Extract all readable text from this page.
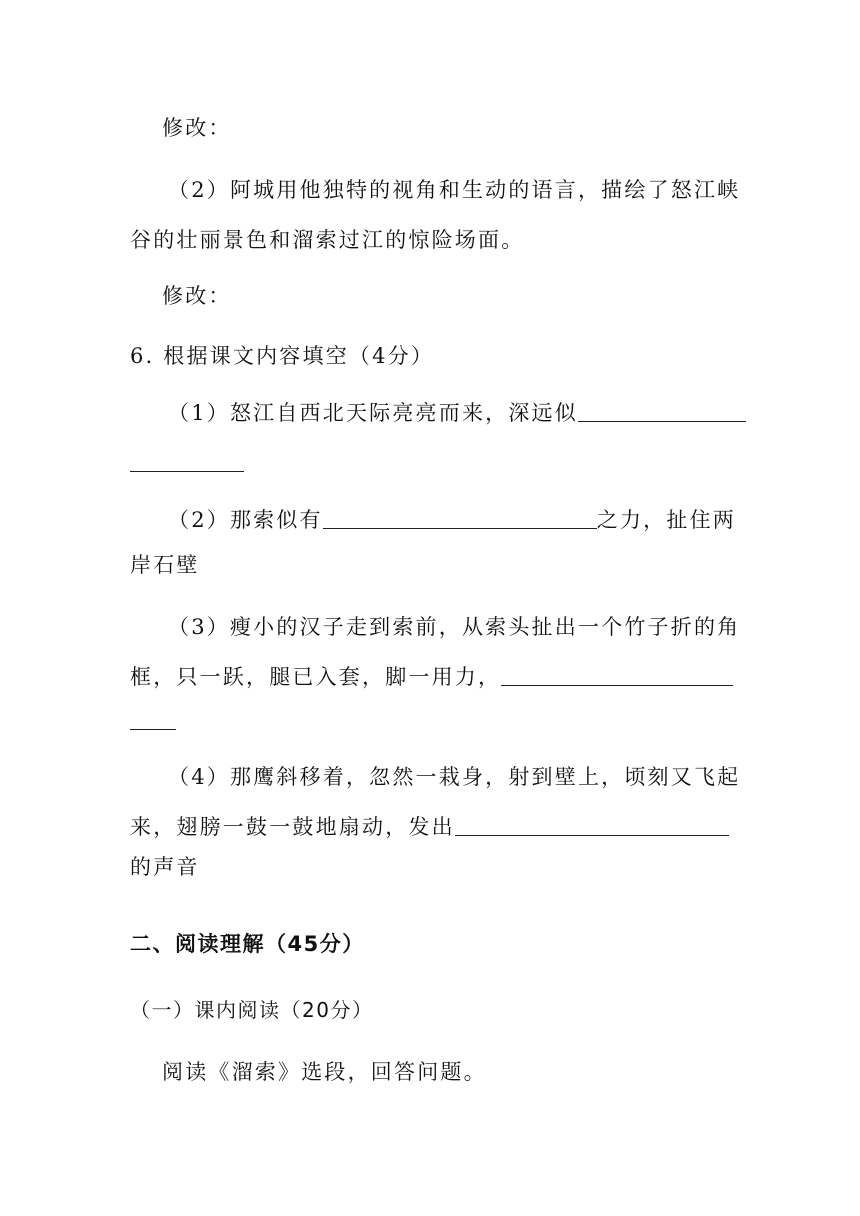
修改：
（2）阿城用他独特的视角和生动的语言，描绘了怒江峡
谷的壮丽景色和溜索过江的惊险场面。
修改：
6. 根据课文内容填空（4分）
（1）怒江自西北天际亮亮而来，深远似
（2）那索似有	之力，扯住两
岸石壁
（3）瘦小的汉子走到索前，从索头扯出一个竹子折的角
框，只一跃，腿已入套，脚一用力，
（4）那鹰斜移着，忽然一栽身，射到壁上，顷刻又飞起
来，翅膀一鼓一鼓地扇动，发出
的声音
二、阅读理解（45分）
（一）课内阅读（20分）
阅读《溜索》选段，回答问题。
